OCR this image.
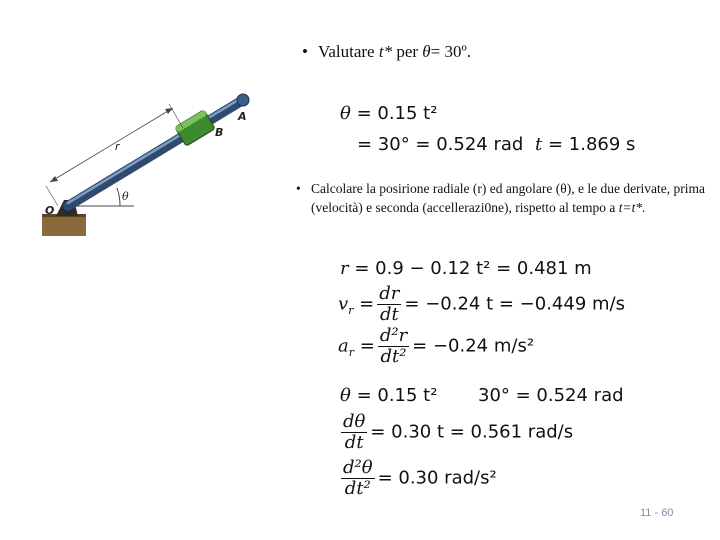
• Valutare t* per θ= 30º.
A
B
r
O
θ
θ = 0.15 t²
= 30° = 0.524 rad t = 1.869 s
• Calcolare la posirione radiale (r) ed angolare (θ), e le due derivate, prima (velocità) e seconda (accellerazi0ne), rispetto al tempo a t=t*.
r = 0.9 − 0.12 t² = 0.481 m
$v_r = \frac{dr}{dt} = -0.24$ t = −0.449 m/s
$a_r = \frac{\text{d²r}}{\text{dt²}} = -0.24$ m/s²
θ = 0.15 t² 30° = 0.524 rad
$\frac{d\theta}{dt} = 0.30$ t = 0.561 rad/s
$\frac{\text{d²θ}}{\text{dt²}} = 0.30$ rad/s²
11 - 60
